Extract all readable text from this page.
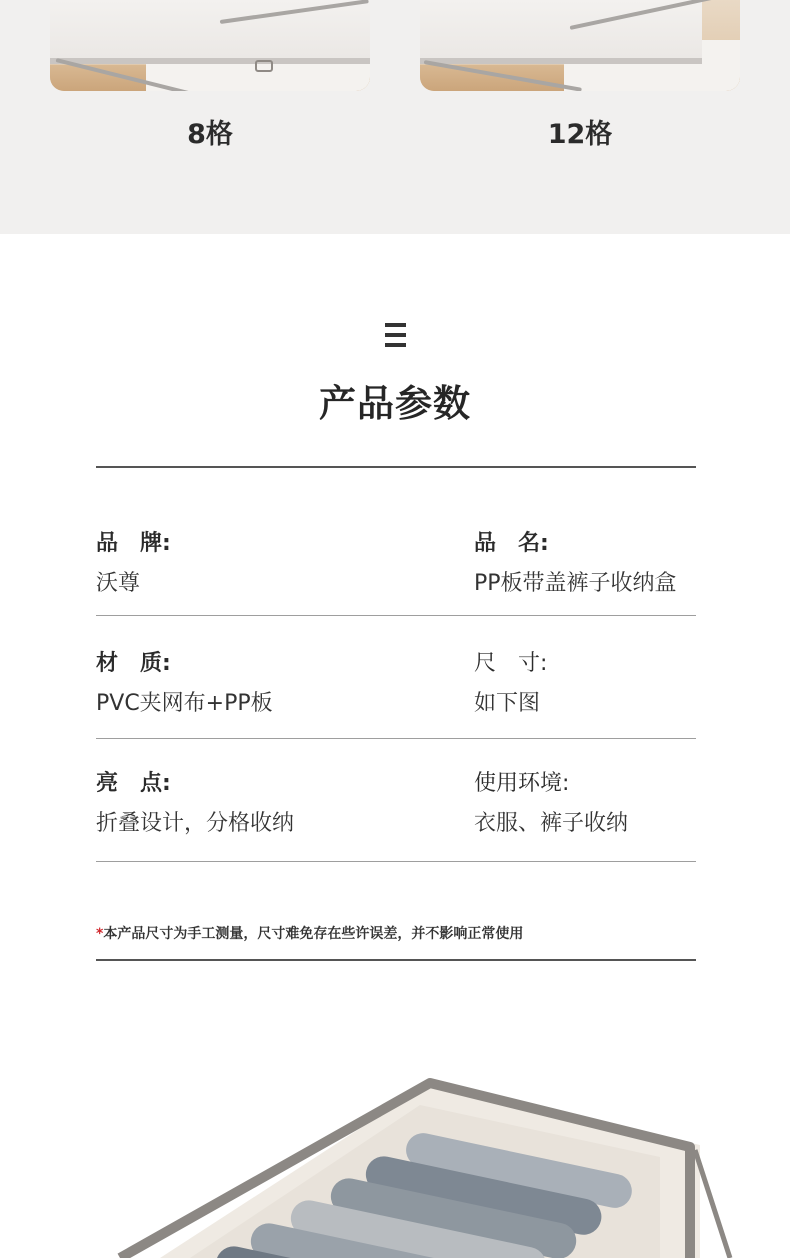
8格	12格
产品参数
品　牌:
沃尊
品　名:
PP板带盖裤子收纳盒
材　质:
PVC夹网布+PP板
尺　寸:
如下图
亮　点:
折叠设计，分格收纳
使用环境:
衣服、裤子收纳
*本产品尺寸为手工测量，尺寸难免存在些许误差，并不影响正常使用
